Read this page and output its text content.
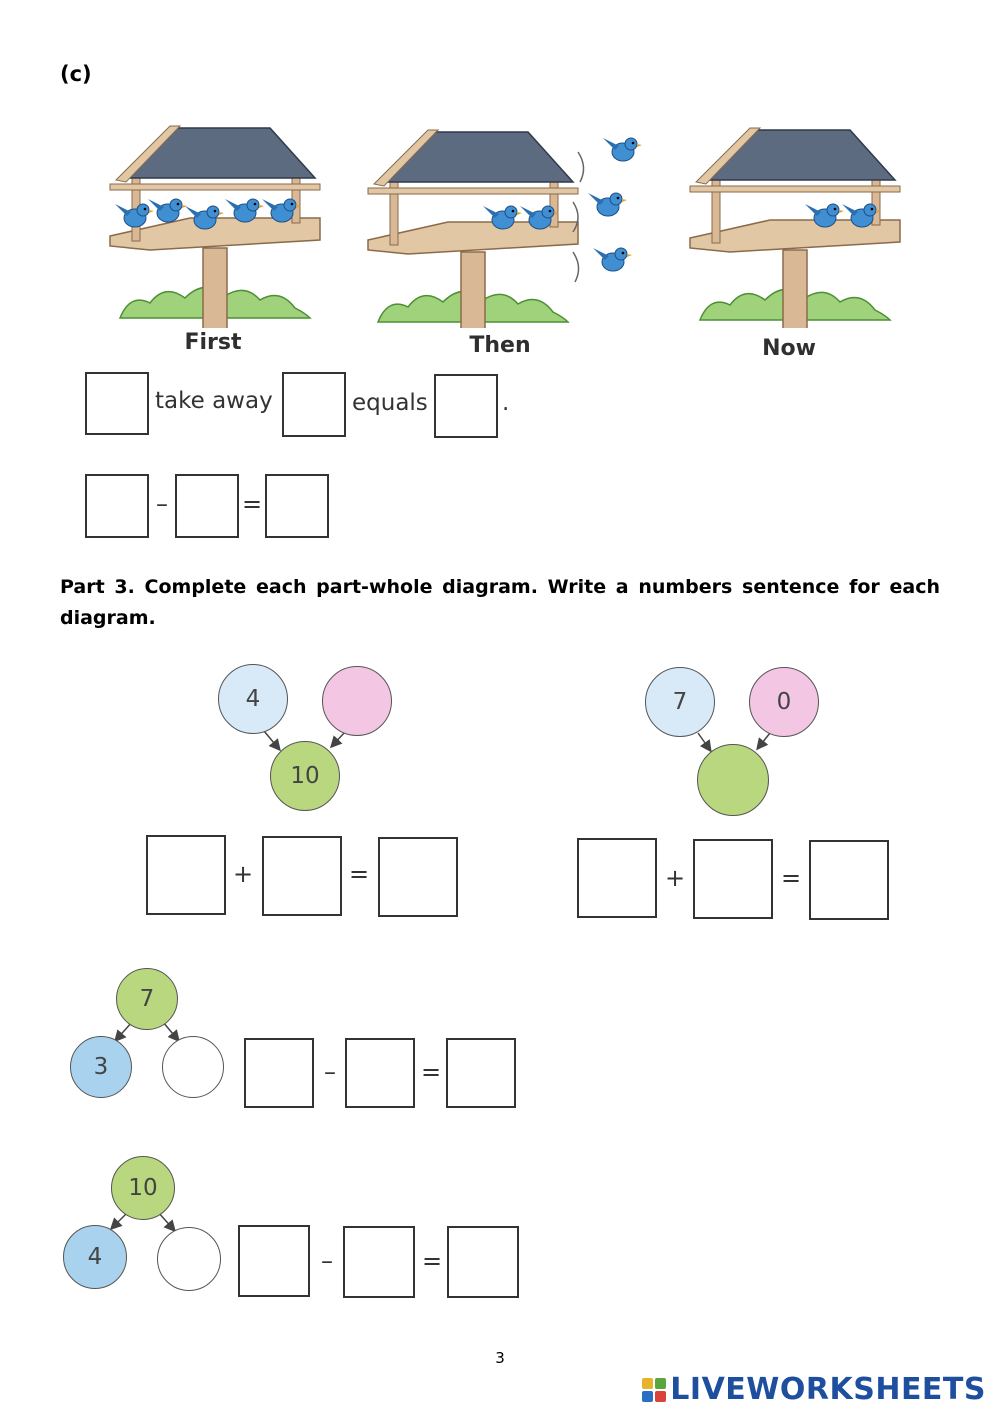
(c)
First	Then	Now
take away	equals	.
–	=
Part 3. Complete each part-whole diagram. Write a numbers sentence for each diagram.
4
10
+	=
7	0
+	=
7
3	–	=
10
4	–	=
3
LIVEWORKSHEETS
